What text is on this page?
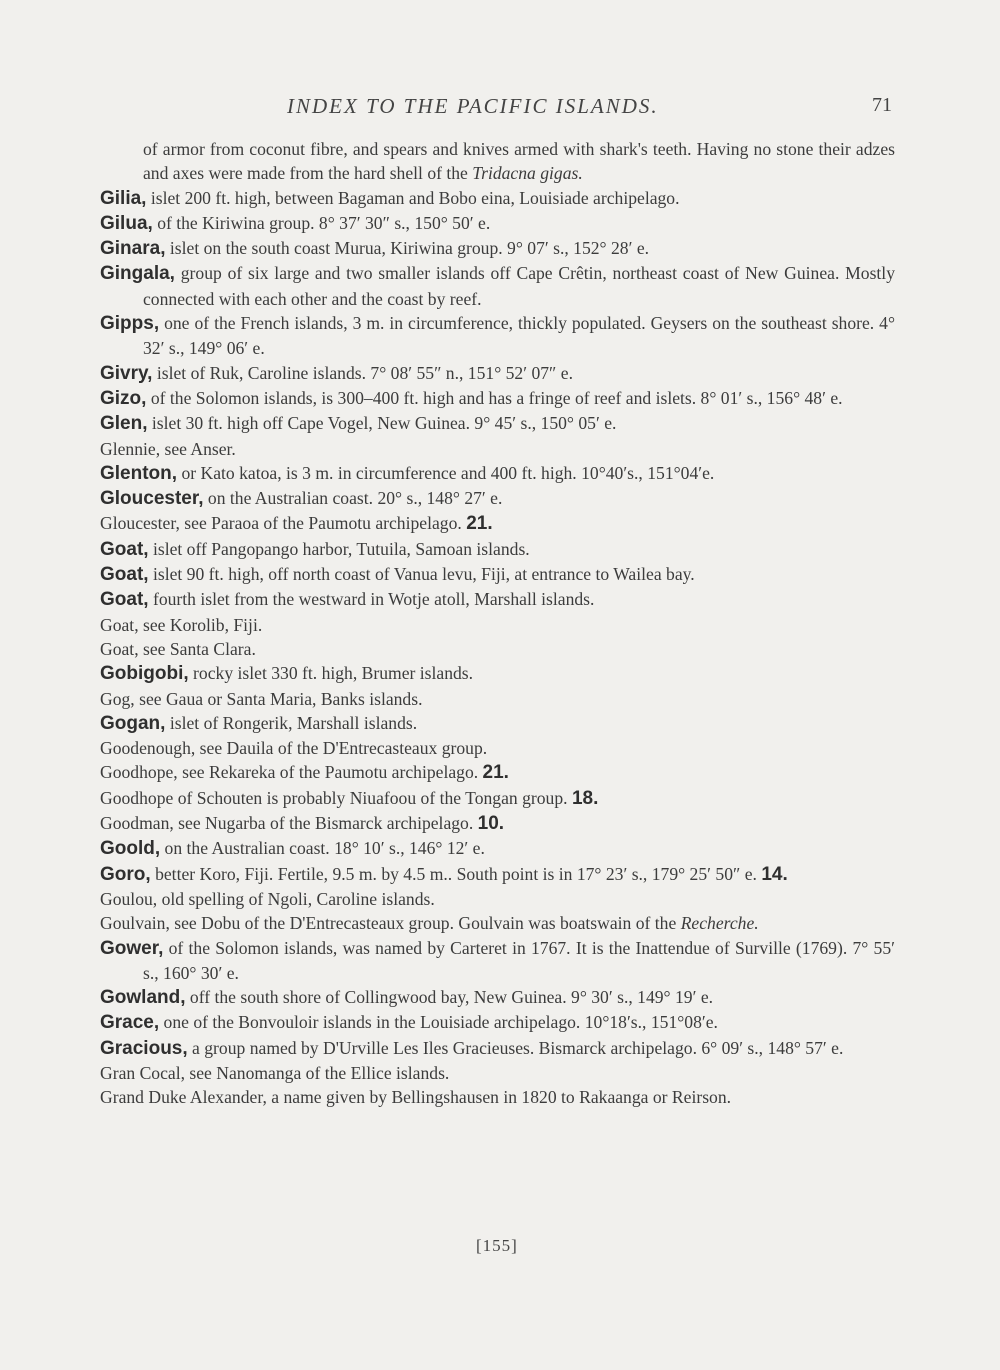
INDEX TO THE PACIFIC ISLANDS.	71
of armor from coconut fibre, and spears and knives armed with shark's teeth. Having no stone their adzes and axes were made from the hard shell of the Tridacna gigas.
Gilia, islet 200 ft. high, between Bagaman and Bobo eina, Louisiade archipelago.
Gilua, of the Kiriwina group. 8° 37′ 30″ s., 150° 50′ e.
Ginara, islet on the south coast Murua, Kiriwina group. 9° 07′ s., 152° 28′ e.
Gingala, group of six large and two smaller islands off Cape Crêtin, northeast coast of New Guinea. Mostly connected with each other and the coast by reef.
Gipps, one of the French islands, 3 m. in circumference, thickly populated. Geysers on the southeast shore. 4° 32′ s., 149° 06′ e.
Givry, islet of Ruk, Caroline islands. 7° 08′ 55″ n., 151° 52′ 07″ e.
Gizo, of the Solomon islands, is 300–400 ft. high and has a fringe of reef and islets. 8° 01′ s., 156° 48′ e.
Glen, islet 30 ft. high off Cape Vogel, New Guinea. 9° 45′ s., 150° 05′ e.
Glennie, see Anser.
Glenton, or Kato katoa, is 3 m. in circumference and 400 ft. high. 10°40′s., 151°04′e.
Gloucester, on the Australian coast. 20° s., 148° 27′ e.
Gloucester, see Paraoa of the Paumotu archipelago. 21.
Goat, islet off Pangopango harbor, Tutuila, Samoan islands.
Goat, islet 90 ft. high, off north coast of Vanua levu, Fiji, at entrance to Wailea bay.
Goat, fourth islet from the westward in Wotje atoll, Marshall islands.
Goat, see Korolib, Fiji.
Goat, see Santa Clara.
Gobigobi, rocky islet 330 ft. high, Brumer islands.
Gog, see Gaua or Santa Maria, Banks islands.
Gogan, islet of Rongerik, Marshall islands.
Goodenough, see Dauila of the D'Entrecasteaux group.
Goodhope, see Rekareka of the Paumotu archipelago. 21.
Goodhope of Schouten is probably Niuafoou of the Tongan group. 18.
Goodman, see Nugarba of the Bismarck archipelago. 10.
Goold, on the Australian coast. 18° 10′ s., 146° 12′ e.
Goro, better Koro, Fiji. Fertile, 9.5 m. by 4.5 m.. South point is in 17° 23′ s., 179° 25′ 50″ e. 14.
Goulou, old spelling of Ngoli, Caroline islands.
Goulvain, see Dobu of the D'Entrecasteaux group. Goulvain was boatswain of the Recherche.
Gower, of the Solomon islands, was named by Carteret in 1767. It is the Inattendue of Surville (1769). 7° 55′ s., 160° 30′ e.
Gowland, off the south shore of Collingwood bay, New Guinea. 9° 30′ s., 149° 19′ e.
Grace, one of the Bonvouloir islands in the Louisiade archipelago. 10°18′s., 151°08′e.
Gracious, a group named by D'Urville Les Iles Gracieuses. Bismarck archipelago. 6° 09′ s., 148° 57′ e.
Gran Cocal, see Nanomanga of the Ellice islands.
Grand Duke Alexander, a name given by Bellingshausen in 1820 to Rakaanga or Reirson.
[155]
